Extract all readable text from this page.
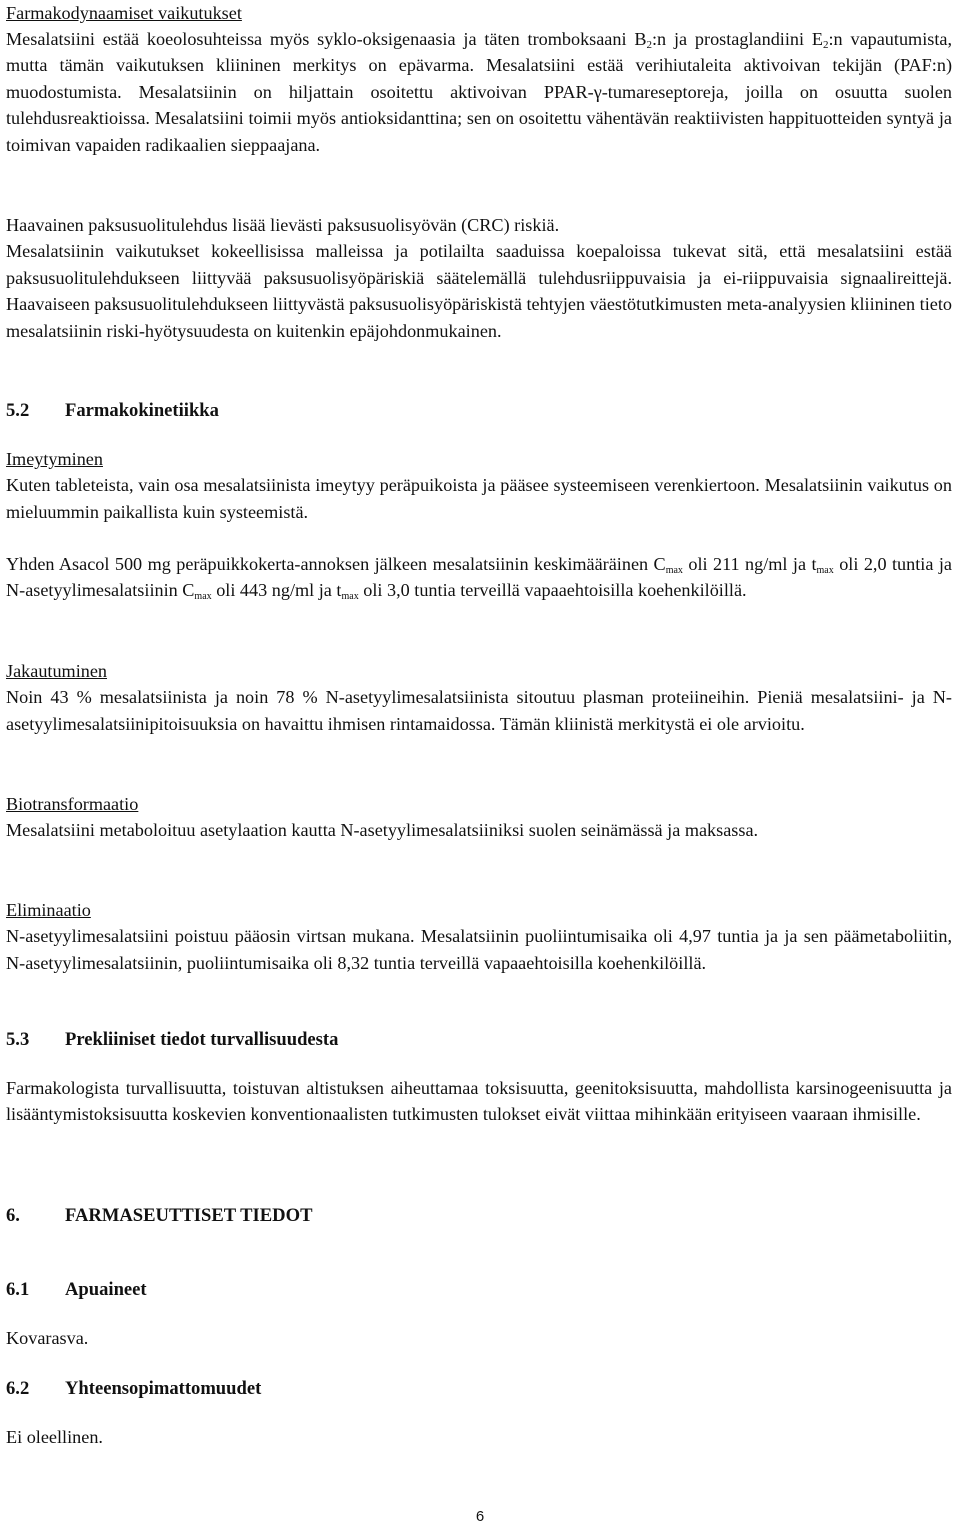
Farmakodynaamiset vaikutukset

Mesalatsiini estää koeolosuhteissa myös syklo-oksigenaasia ja täten tromboksaani $B_2:n$ ja prostaglandiini $E_2:n$ vapautumista, mutta tämän vaikutuksen kliininen merkitys on epävarma. Mesalatsiini estää verihiutaleita aktivoivan tekijän (PAF:n) muodostumista. Mesalatsiinin on hiljattain osoitettu aktivoivan PPAR-γ-tumareseptoreja, joilla on osuutta suolen tulehdusreaktioissa. Mesalatsiini toimii myös antioksidanttina; sen on osoitettu vähentävän reaktiivisten happituotteiden syntyä ja toimivan vapaiden radikaalien sieppaajana.

Haavainen paksusuolitulehdus lisää lievästi paksusuolisyövän (CRC) riskiä.
Mesalatsiinin vaikutukset kokeellisissa malleissa ja potilailta saaduissa koepaloissa tukevat sitä, että mesalatsiini estää paksusuolitulehdukseen liittyvää paksusuolisyöpäriskiä säätelemällä tulehdusriippuvaisia ja ei-riippuvaisia signaalireittejä. Haavaiseen paksusuolitulehdukseen liittyvästä paksusuolisyöpäriskistä tehtyjen väestötutkimusten meta-analyysien kliininen tieto mesalatsiinin riski-hyötysuudesta on kuitenkin epäjohdonmukainen.

5.2	Farmakokinetiikka

Imeytyminen
Kuten tableteista, vain osa mesalatsiinista imeytyy peräpuikoista ja pääsee systeemiseen verenkiertoon. Mesalatsiinin vaikutus on mieluummin paikallista kuin systeemistä.

Yhden Asacol 500 mg peräpuikkokerta-annoksen jälkeen mesalatsiinin keskimääräinen $C_{max}$ oli 211 ng/ml ja $t_{max}$ oli 2,0 tuntia ja N-asetyylimesalatsiinin $C_{max}$ oli 443 ng/ml ja $t_{max}$ oli 3,0 tuntia terveillä vapaaehtoisilla koehenkilöillä.

Jakautuminen
Noin 43 % mesalatsiinista ja noin 78 % N-asetyylimesalatsiinista sitoutuu plasman proteiineihin. Pieniä mesalatsiini- ja N-asetyylimesalatsiinipitoisuuksia on havaittu ihmisen rintamaidossa. Tämän kliinistä merkitystä ei ole arvioitu.

Biotransformaatio
Mesalatsiini metaboloituu asetylaation kautta N-asetyylimesalatsiiniksi suolen seinämässä ja maksassa.

Eliminaatio
N-asetyylimesalatsiini poistuu pääosin virtsan mukana. Mesalatsiinin puoliintumisaika oli 4,97 tuntia ja ja sen päämetaboliitin, N-asetyylimesalatsiinin, puoliintumisaika oli 8,32 tuntia terveillä vapaaehtoisilla koehenkilöillä.

5.3	Prekliiniset tiedot turvallisuudesta

Farmakologista turvallisuutta, toistuvan altistuksen aiheuttamaa toksisuutta, geenitoksisuutta, mahdollista karsinogeenisuutta ja lisääntymistoksisuutta koskevien konventionaalisten tutkimusten tulokset eivät viittaa mihinkään erityiseen vaaraan ihmisille.

6.	FARMASEUTTISET TIEDOT
6.1	Apuaineet

Kovarasva.

6.2	Yhteensopimattomuudet

Ei oleellinen.

6
